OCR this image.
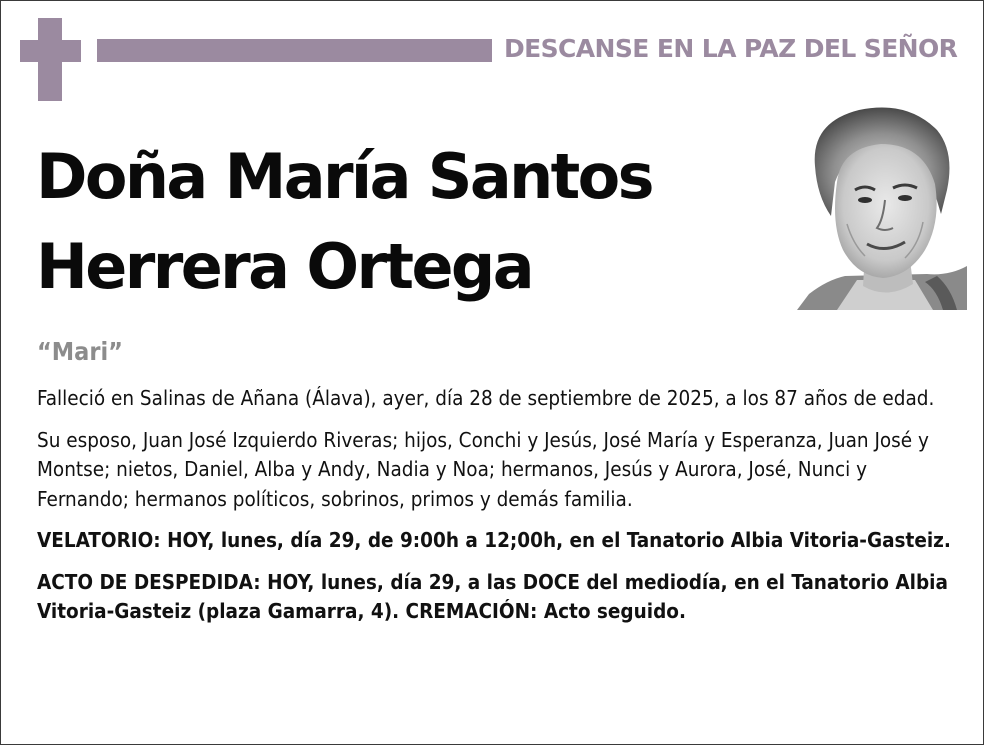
DESCANSE EN LA PAZ DEL SEÑOR
Doña María Santos
Herrera Ortega
“Mari”

Falleció en Salinas de Añana (Álava), ayer, día 28 de septiembre de 2025, a los 87 años de edad.

Su esposo, Juan José Izquierdo Riveras; hijos, Conchi y Jesús, José María y Esperanza, Juan José y Montse; nietos, Daniel, Alba y Andy, Nadia y Noa; hermanos, Jesús y Aurora, José, Nunci y Fernando; hermanos políticos, sobrinos, primos y demás familia.

VELATORIO: HOY, lunes, día 29, de 9:00h a 12;00h, en el Tanatorio Albia Vitoria-Gasteiz.

ACTO DE DESPEDIDA: HOY, lunes, día 29, a las DOCE del mediodía, en el Tanatorio Albia Vitoria-Gasteiz (plaza Gamarra, 4). CREMACIÓN: Acto seguido.
